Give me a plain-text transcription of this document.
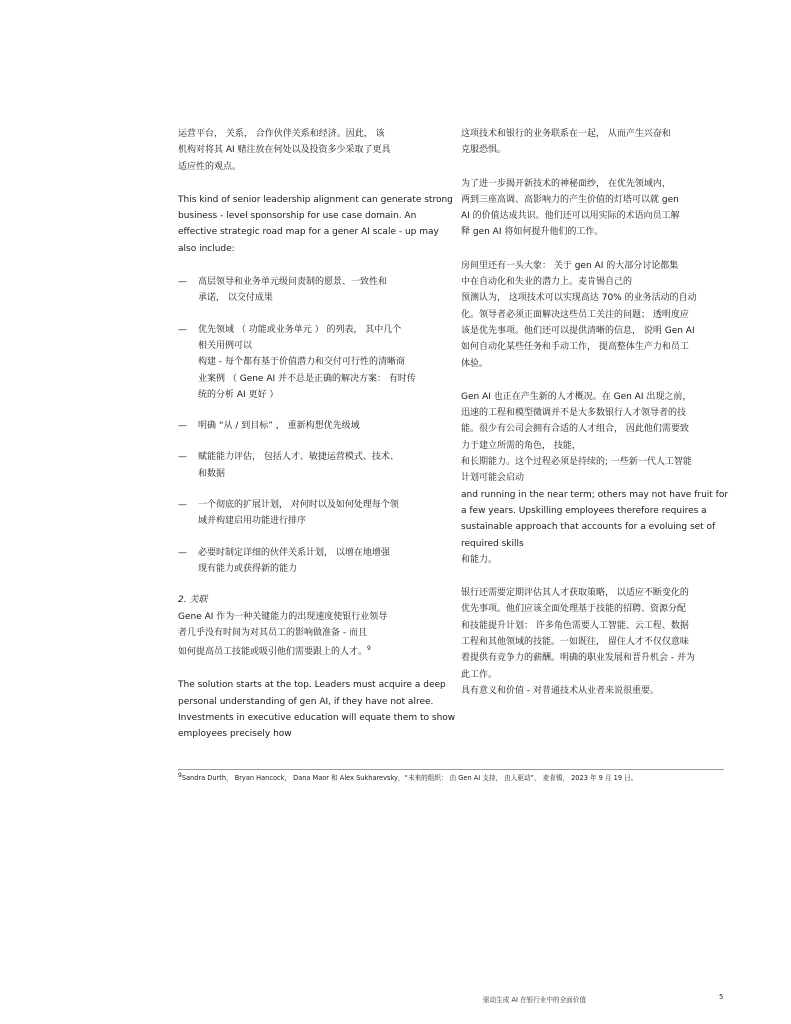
运营平台， 关系， 合作伙伴关系和经济。因此， 该
机构对将其 AI 赌注放在何处以及投资多少采取了更具
适应性的观点。

This kind of senior leadership alignment can generate strong
business - level sponsorship for use case domain. An
effective strategic road map for a gener AI scale - up may
also include:

— 高层领导和业务单元级问责制的愿景、一致性和
承诺， 以交付成果
— 优先领域 （ 功能或业务单元 ） 的列表， 其中几个
相关用例可以
构建 - 每个都有基于价值潜力和交付可行性的清晰商
业案例 （ Gene AI 并不总是正确的解决方案： 有时传
统的分析 AI 更好 ）
— 明确 “从 / 到目标” ， 重新构想优先级域
— 赋能能力评估， 包括人才、敏捷运营模式、技术、
和数据
— 一个彻底的扩展计划， 对何时以及如何处理每个领
域并构建启用功能进行排序
— 必要时制定详细的伙伴关系计划， 以增在地增强
现有能力或获得新的能力
2. 关联

Gene AI 作为一种关键能力的出现速度使银行业领导
者几乎没有时间为对其员工的影响做准备 - 而且
如何提高员工技能或吸引他们需要跟上的人才。$^9$

The solution starts at the top. Leaders must acquire a deep
personal understanding of gen AI, if they have not alree.
Investments in executive education will equate them to show
employees precisely how

这项技术和银行的业务联系在一起， 从而产生兴奋和
克服恐惧。

为了进一步揭开新技术的神秘面纱， 在优先领域内，
两到三座高调、高影响力的产生价值的灯塔可以就 gen
AI 的价值达成共识。他们还可以用实际的术语向员工解
释 gen AI 将如何提升他们的工作。

房间里还有一头大象： 关于 gen AI 的大部分讨论都集
中在自动化和失业的潜力上。麦肯锡自己的
预测认为， 这项技术可以实现高达 70% 的业务活动的自动
化。领导者必须正面解决这些员工关注的问题； 透明度应
该是优先事项。他们还可以提供清晰的信息， 说明 Gen AI
如何自动化某些任务和手动工作， 提高整体生产力和员工
体验。

Gen AI 也正在产生新的人才概况。在 Gen AI 出现之前，
迅速的工程和模型微调并不是大多数银行人才领导者的技
能。很少有公司会拥有合适的人才组合， 因此他们需要致
力于建立所需的角色， 技能，
和长期能力。这个过程必须是持续的; 一些新一代人工智能
计划可能会启动
and running in the near term; others may not have fruit for
a few years. Upskilling employees therefore requires a
sustainable approach that accounts for a evoluing set of
required skills
和能力。

银行还需要定期评估其人才获取策略， 以适应不断变化的
优先事项。他们应该全面处理基于技能的招聘、资源分配
和技能提升计划： 许多角色需要人工智能、云工程、数据
工程和其他领域的技能。一如既往， 留住人才不仅仅意味
着提供有竞争力的薪酬。明确的职业发展和晋升机会 - 并为
此工作。
具有意义和价值 - 对普通技术从业者来说很重要。

9Sandra Durth， Bryan Hancock， Dana Maor 和 Alex Sukharevsky，“未来的组织： 由 Gen AI 支持， 由人驱动”， 麦肯锡， 2023 年 9 月 19 日。
驱动生成 AI 在银行业中的全面价值	5
